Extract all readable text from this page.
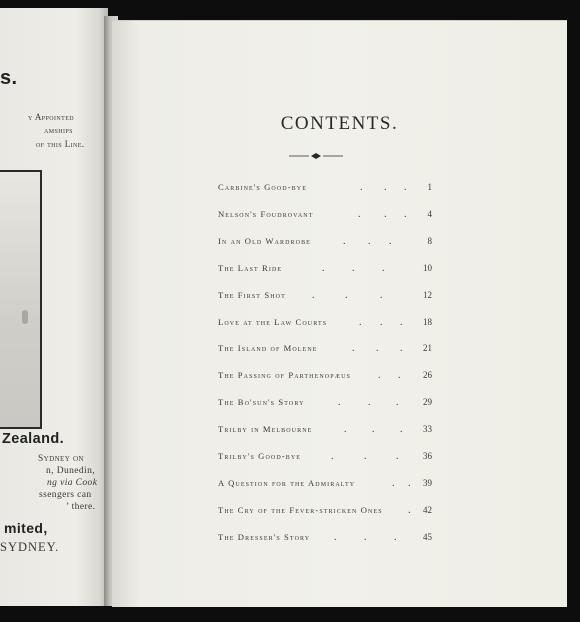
s.
y Appointed
amships
of this Line.
Zealand.
Sydney on
n, Dunedin,
ng via Cook
ssengers can
’ there.
mited,
SYDNEY.
CONTENTS.
Carbine's Good-bye	. . . 1
Nelson's Foudrovant	. . . 4
In an Old Wardrobe	. . .	8
The Last Ride	.	.	.	10
The First Shot	.	.	.	12
Love at the Law Courts	. . . 18
The Island of Molene	. . . 21
The Passing of Parthenopæus	. .	26
The Bo'sun's Story	.	.	.	29
Trilby in Melbourne	.	.	. 33
Trilby's Good-bye	.	.	.	36
A Question for the Admiralty	. . 39
The Cry of the Fever-stricken Ones	. 42
The Dresser's Story .	.	.	45
